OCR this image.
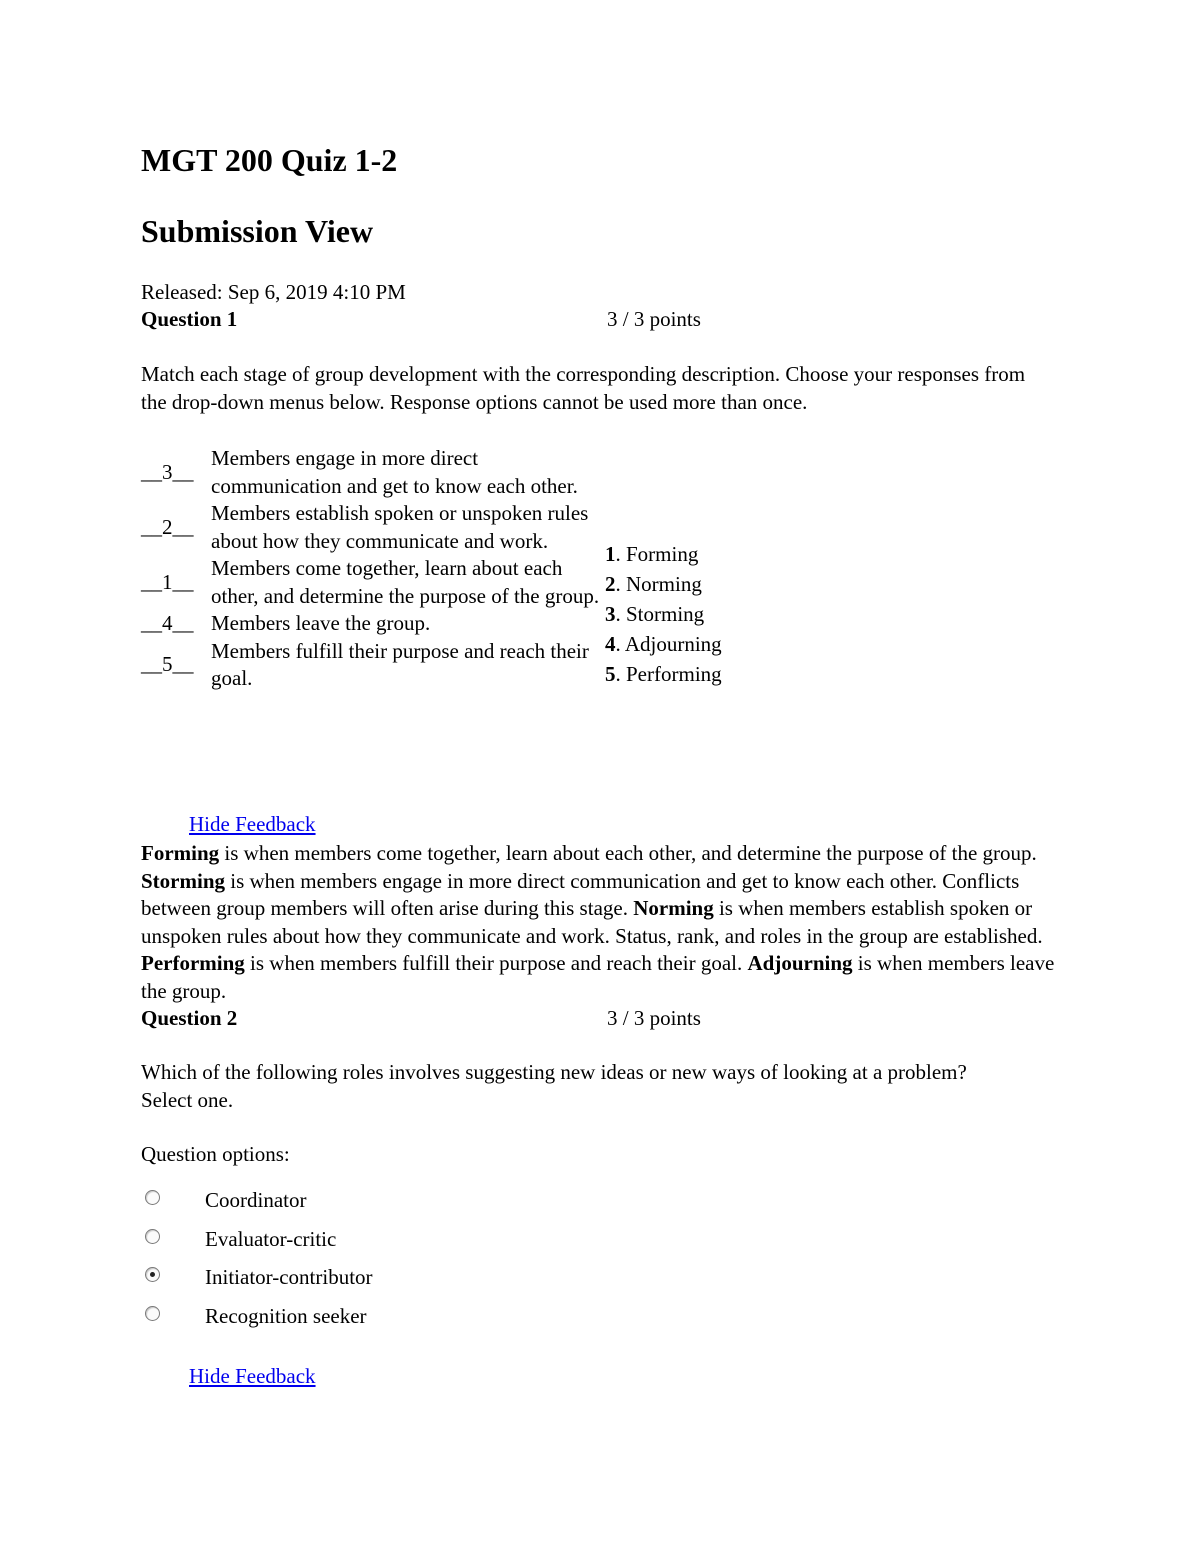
MGT 200 Quiz 1-2
Submission View
Released: Sep 6, 2019 4:10 PM
Question 1	3 / 3 points
Match each stage of group development with the corresponding description. Choose your responses from the drop-down menus below. Response options cannot be used more than once.
__3__	Members engage in more direct communication and get to know each other.
__2__	Members establish spoken or unspoken rules about how they communicate and work.
__1__	Members come together, learn about each other, and determine the purpose of the group.
__4__	Members leave the group.
__5__	Members fulfill their purpose and reach their goal.
1. Forming
2. Norming
3. Storming
4. Adjourning
5. Performing
Hide Feedback
Forming is when members come together, learn about each other, and determine the purpose of the group. Storming is when members engage in more direct communication and get to know each other. Conflicts between group members will often arise during this stage. Norming is when members establish spoken or unspoken rules about how they communicate and work. Status, rank, and roles in the group are established. Performing is when members fulfill their purpose and reach their goal. Adjourning is when members leave the group.
Question 2	3 / 3 points
Which of the following roles involves suggesting new ideas or new ways of looking at a problem? Select one.
Question options:
Coordinator
Evaluator-critic
Initiator-contributor
Recognition seeker
Hide Feedback
